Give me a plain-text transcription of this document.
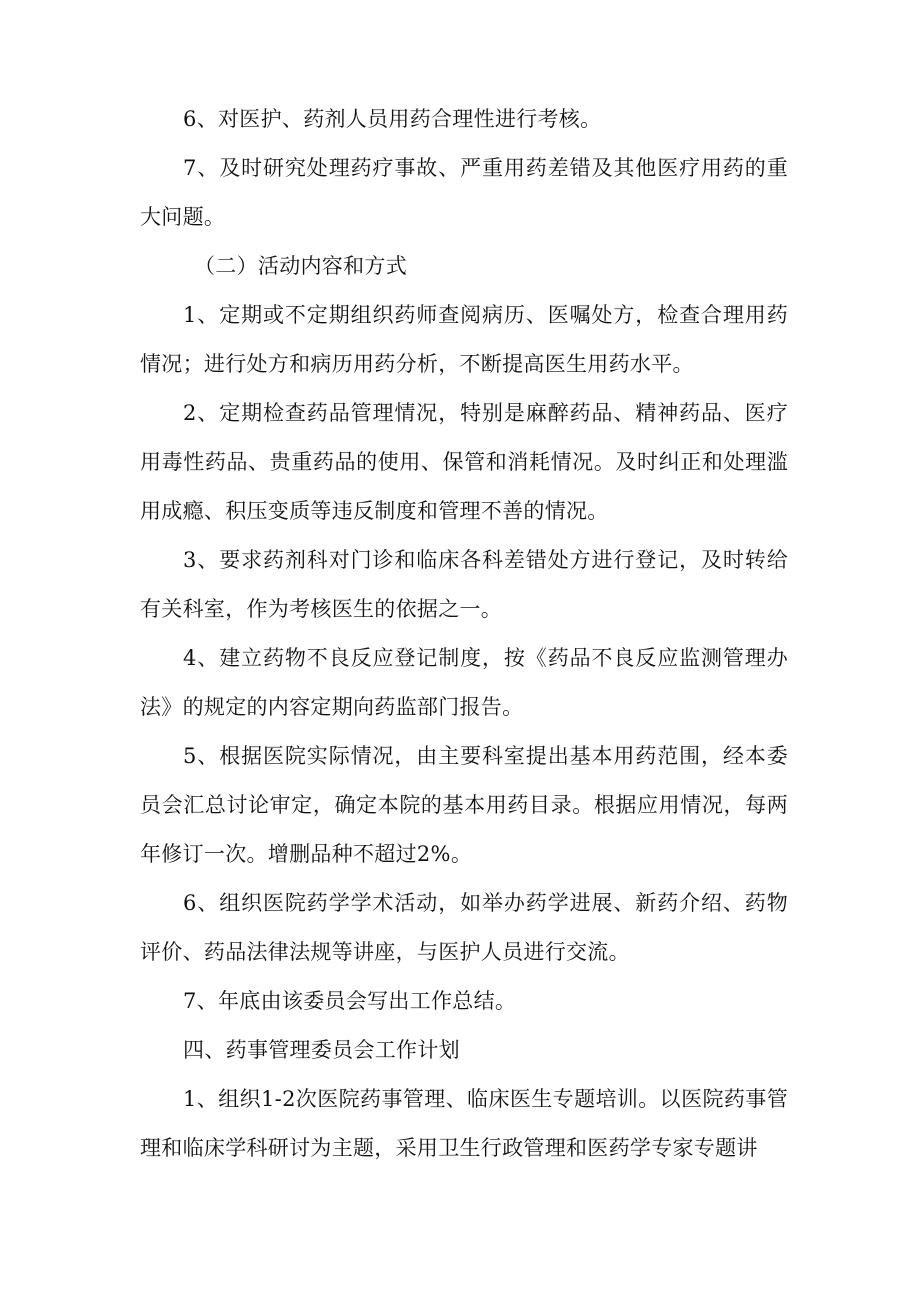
6、对医护、药剂人员用药合理性进行考核。

7、及时研究处理药疗事故、严重用药差错及其他医疗用药的重大问题。

（二）活动内容和方式

1、定期或不定期组织药师查阅病历、医嘱处方，检查合理用药情况；进行处方和病历用药分析，不断提高医生用药水平。

2、定期检查药品管理情况，特别是麻醉药品、精神药品、医疗用毒性药品、贵重药品的使用、保管和消耗情况。及时纠正和处理滥用成瘾、积压变质等违反制度和管理不善的情况。

3、要求药剂科对门诊和临床各科差错处方进行登记，及时转给有关科室，作为考核医生的依据之一。

4、建立药物不良反应登记制度，按《药品不良反应监测管理办法》的规定的内容定期向药监部门报告。

5、根据医院实际情况，由主要科室提出基本用药范围，经本委员会汇总讨论审定，确定本院的基本用药目录。根据应用情况，每两年修订一次。增删品种不超过2%。

6、组织医院药学学术活动，如举办药学进展、新药介绍、药物评价、药品法律法规等讲座，与医护人员进行交流。

7、年底由该委员会写出工作总结。

四、药事管理委员会工作计划

1、组织1-2次医院药事管理、临床医生专题培训。以医院药事管理和临床学科研讨为主题，采用卫生行政管理和医药学专家专题讲
